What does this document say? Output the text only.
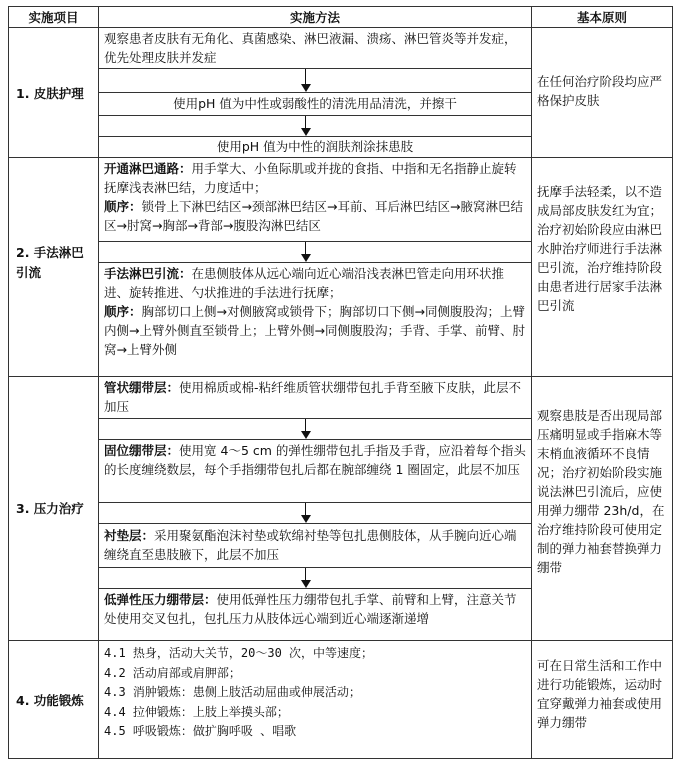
实施项目	实施方法	基本原则
1. 皮肤护理
观察患者皮肤有无角化、真菌感染、淋巴液漏、溃疡、淋巴管炎等并发症，优先处理皮肤并发症
使用pH 值为中性或弱酸性的清洗用品清洗，并擦干
使用pH 值为中性的润肤剂涂抹患肢
在任何治疗阶段均应严格保护皮肤
2. 手法淋巴引流
开通淋巴通路：用手掌大、小鱼际肌或并拢的食指、中指和无名指静止旋转抚摩浅表淋巴结，力度适中；
顺序：锁骨上下淋巴结区→颈部淋巴结区→耳前、耳后淋巴结区→腋窝淋巴结区→肘窝→胸部→背部→腹股沟淋巴结区
手法淋巴引流：在患侧肢体从远心端向近心端沿浅表淋巴管走向用环状推进、旋转推进、勺状推进的手法进行抚摩；
顺序：胸部切口上侧→对侧腋窝或锁骨下；胸部切口下侧→同侧腹股沟；上臂内侧→上臂外侧直至锁骨上；上臂外侧→同侧腹股沟；手背、手掌、前臂、肘窝→上臂外侧
抚摩手法轻柔，以不造成局部皮肤发红为宜；治疗初始阶段应由淋巴水肿治疗师进行手法淋巴引流，治疗维持阶段由患者进行居家手法淋巴引流
3. 压力治疗
管状绷带层：使用棉质或棉-粘纤维质管状绷带包扎手背至腋下皮肤，此层不加压
固位绷带层：使用宽 4～5 cm 的弹性绷带包扎手指及手背，应沿着每个指头的长度缠绕数层，每个手指绷带包扎后都在腕部缠绕 1 圈固定，此层不加压
衬垫层：采用聚氨酯泡沫衬垫或软绵衬垫等包扎患侧肢体，从手腕向近心端缠绕直至患肢腋下，此层不加压
低弹性压力绷带层：使用低弹性压力绷带包扎手掌、前臂和上臂，注意关节处使用交叉包扎，包扎压力从肢体远心端到近心端逐渐递增
观察患肢是否出现局部压痛明显或手指麻木等末梢血液循环不良情况；治疗初始阶段实施说法淋巴引流后，应使用弹力绷带 23h/d，在治疗维持阶段可使用定制的弹力袖套替换弹力绷带
4. 功能锻炼
4.1 热身，活动大关节，20～30 次，中等速度；
4.2 活动肩部或肩胛部；
4.3 消肿锻炼：患侧上肢活动屈曲或伸展活动；
4.4 拉伸锻炼：上肢上举摸头部；
4.5 呼吸锻炼：做扩胸呼吸 、唱歌
可在日常生活和工作中进行功能锻炼，运动时宜穿戴弹力袖套或使用弹力绷带
